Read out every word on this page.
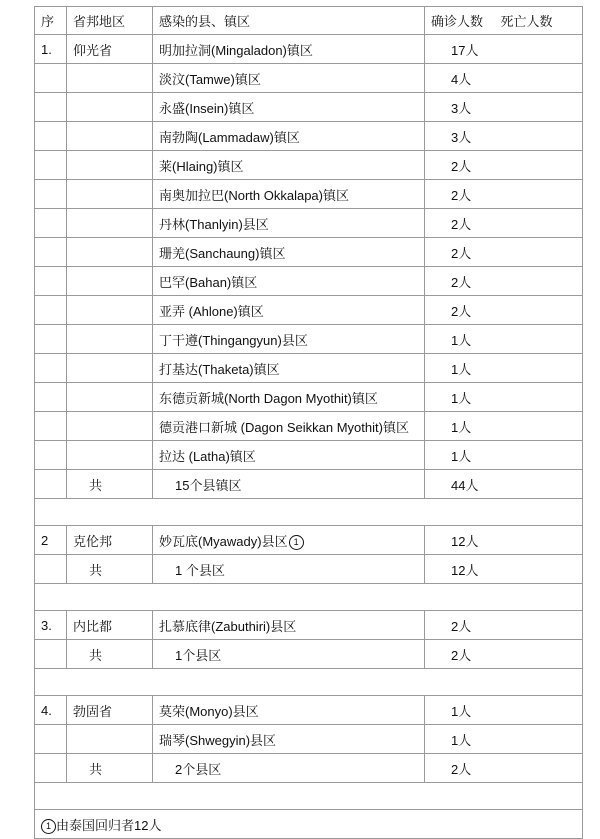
序	省邦地区	感染的县、镇区	确诊人数	死亡人数
1.	仰光省	明加拉洞(Mingaladon)镇区	17人	
		淡汶(Tamwe)镇区	4人	
		永盛(Insein)镇区	3人	
		南勃陶(Lammadaw)镇区	3人	
		莱(Hlaing)镇区	2人	
		南奥加拉巴(North Okkalapa)镇区	2人	
		丹林(Thanlyin)县区	2人	
		珊羌(Sanchaung)镇区	2人	
		巴罕(Bahan)镇区	2人	
		亚弄 (Ahlone)镇区	2人	
		丁干遵(Thingangyun)县区	1人	
		打基达(Thaketa)镇区	1人	
		东德贡新城(North Dagon Myothit)镇区	1人	
		德贡港口新城 (Dagon Seikkan Myothit)镇区	1人	
		拉达 (Latha)镇区	1人	
	共	15个县镇区	44人	

2	克伦邦	妙瓦底(Myawady)县区 1	12人	
	共	1 个县区	12人	

3.	内比都	扎慕底律(Zabuthiri)县区	2人	
	共	1个县区	2人	

4.	勃固省	莫荣(Monyo)县区	1人	
		瑞琴(Shwegyin)县区	1人	
	共	2个县区	2人	

1 由泰国回归者12人				
